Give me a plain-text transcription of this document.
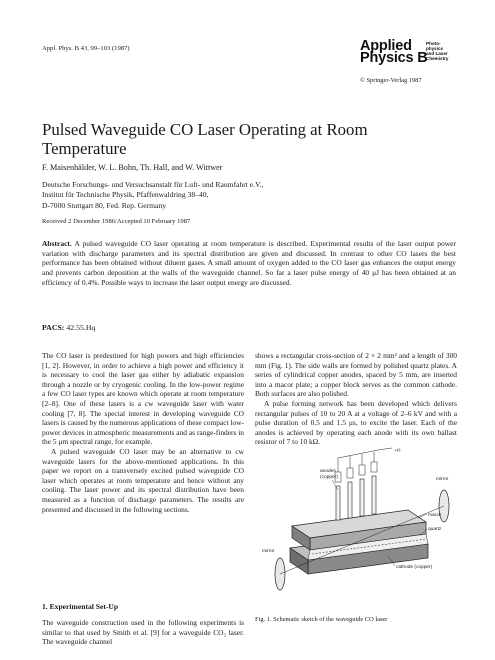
Appl. Phys. B 43, 99–103 (1987)	Applied
Physics B
Photo-
physics
and Laser
Chemistry
© Springer-Verlag 1987
Pulsed Waveguide CO Laser Operating at Room Temperature
F. Maisenhälder, W. L. Bohn, Th. Hall, and W. Wittwer
Deutsche Forschungs- und Versuchsanstalt für Luft- und Raumfahrt e.V.,
Institut für Technische Physik, Pfaffenwaldring 38–40,
D-7000 Stuttgart 80, Fed. Rep. Germany
Received 2 December 1986/Accepted 10 February 1987
Abstract. A pulsed waveguide CO laser operating at room temperature is described. Experimental results of the laser output power variation with discharge parameters and its spectral distribution are given and discussed. In contrast to other CO lasers the best performance has been obtained without diluent gases. A small amount of oxygen added to the CO laser gas enhances the output energy and prevents carbon deposition at the walls of the waveguide channel. So far a laser pulse energy of 40 μJ has been obtained at an efficiency of 0.4%. Possible ways to increase the laser output energy are discussed.
PACS: 42.55.Hq

The CO laser is predestined for high powers and high efficiencies [1, 2]. However, in order to achieve a high power and efficiency it is necessary to cool the laser gas either by adiabatic expansion through a nozzle or by cryogenic cooling. In the low-power regime a few CO laser types are known which operate at room temperature [2–8]. One of these lasers is a cw waveguide laser with water cooling [7, 8]. The special interest in developing waveguide CO lasers is caused by the numerous applications of these compact low-power devices in atmospheric measurements and as range-finders in the 5 μm spectral range, for example.

A pulsed waveguide CO laser may be an alternative to cw waveguide lasers for the above-mentioned applications. In this paper we report on a transversely excited pulsed waveguide CO laser which operates at room temperature and hence without any cooling. The laser power and its spectral distribution have been measured as a function of discharge parameters. The results are presented and discussed in the following sections.

1. Experimental Set-Up

The waveguide construction used in the following experiments is similar to that used by Smith et al. [9] for a waveguide CO₂ laser. The waveguide channel

shows a rectangular cross-section of 2 × 2 mm² and a length of 300 mm (Fig. 1). The side walls are formed by polished quartz plates. A series of cylindrical copper anodes, spaced by 5 mm, are inserted into a macor plate; a copper block serves as the common cathode. Both surfaces are also polished.

A pulse forming network has been developed which delivers rectangular pulses of 10 to 20 A at a voltage of 2–6 kV and with a pulse duration of 0.5 and 1.5 μs, to excite the laser. Each of the anodes is achieved by operating each anode with its own ballast resistor of 7 to 10 kΩ.

+⊓
anodes
(copper)	mirror
macor
quartz
mirror
cathode (copper)
Fig. 1. Schematic sketch of the waveguide CO laser
